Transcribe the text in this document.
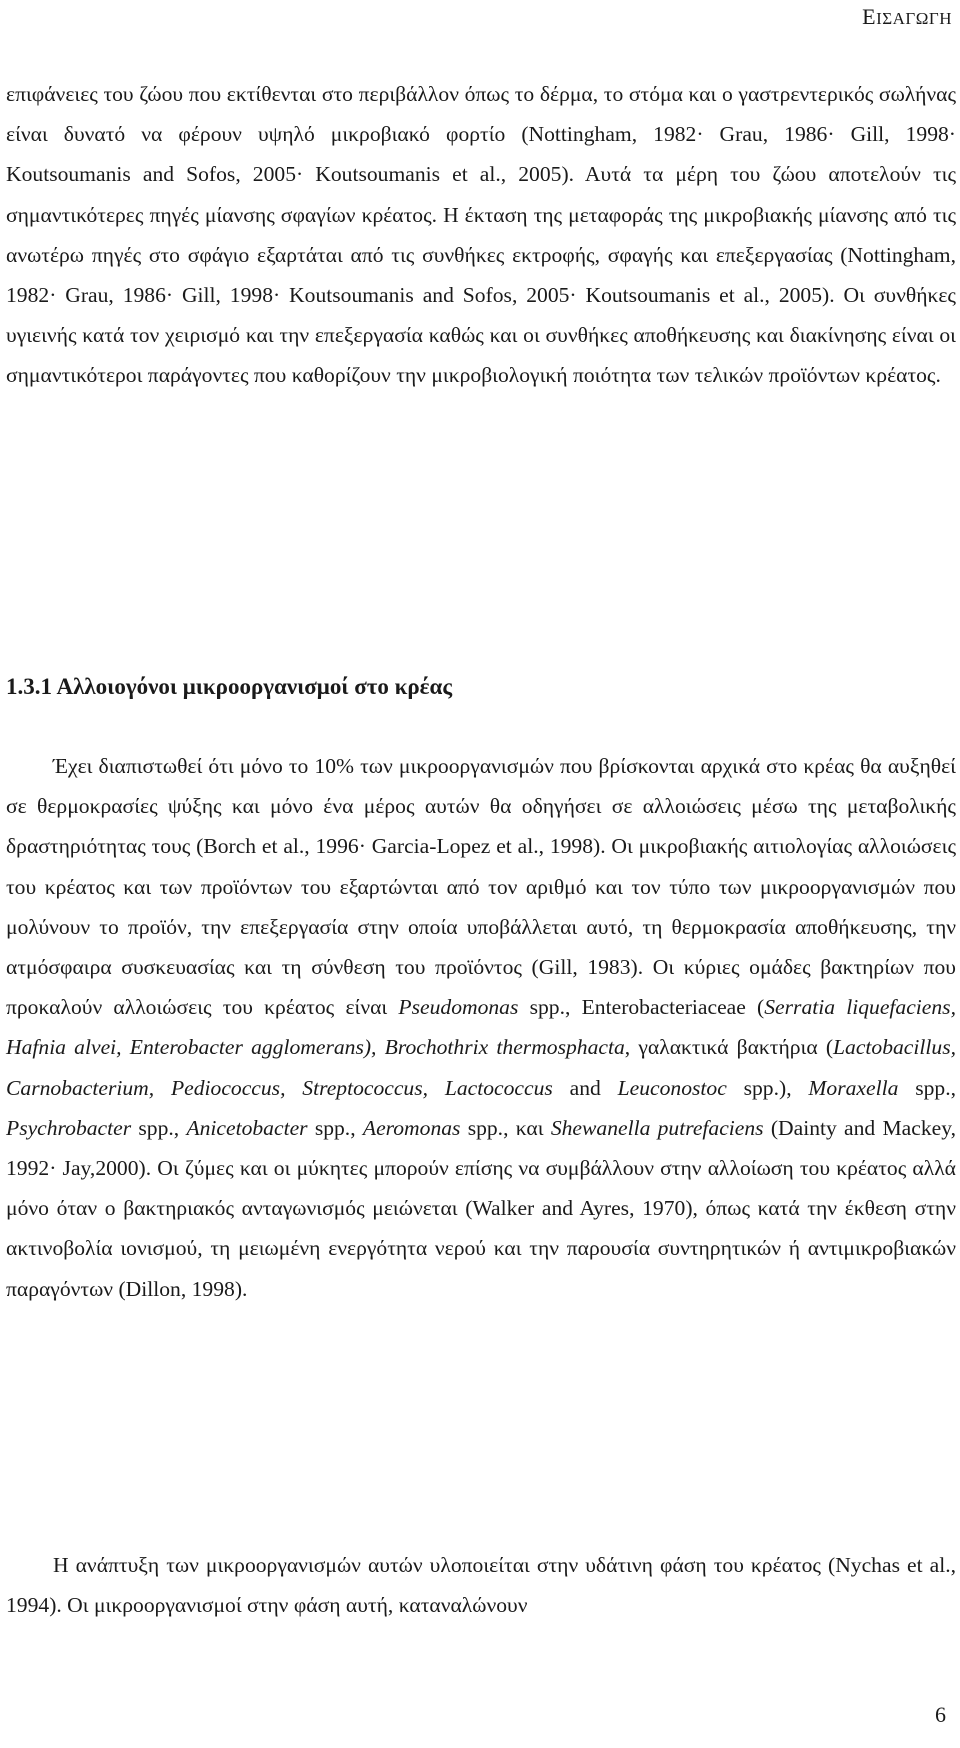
ΕΙΣΑΓΩΓΗ

επιφάνειες του ζώου που εκτίθενται στο περιβάλλον όπως το δέρμα, το στόμα και ο γαστρεντερικός σωλήνας είναι δυνατό να φέρουν υψηλό μικροβιακό φορτίο (Nottingham, 1982· Grau, 1986· Gill, 1998· Koutsoumanis and Sofos, 2005· Koutsoumanis et al., 2005). Αυτά τα μέρη του ζώου αποτελούν τις σημαντικότερες πηγές μίανσης σφαγίων κρέατος. Η έκταση της μεταφοράς της μικροβιακής μίανσης από τις ανωτέρω πηγές στο σφάγιο εξαρτάται από τις συνθήκες εκτροφής, σφαγής και επεξεργασίας (Nottingham, 1982· Grau, 1986· Gill, 1998· Koutsoumanis and Sofos, 2005· Koutsoumanis et al., 2005). Οι συνθήκες υγιεινής κατά τον χειρισμό και την επεξεργασία καθώς και οι συνθήκες αποθήκευσης και διακίνησης είναι οι σημαντικότεροι παράγοντες που καθορίζουν την μικροβιολογική ποιότητα των τελικών προϊόντων κρέατος.

1.3.1 Αλλοιογόνοι μικροοργανισμοί στο κρέας

Έχει διαπιστωθεί ότι μόνο το 10% των μικροοργανισμών που βρίσκονται αρχικά στο κρέας θα αυξηθεί σε θερμοκρασίες ψύξης και μόνο ένα μέρος αυτών θα οδηγήσει σε αλλοιώσεις μέσω της μεταβολικής δραστηριότητας τους (Borch et al., 1996· Garcia-Lopez et al., 1998). Οι μικροβιακής αιτιολογίας αλλοιώσεις του κρέατος και των προϊόντων του εξαρτώνται από τον αριθμό και τον τύπο των μικροοργανισμών που μολύνουν το προϊόν, την επεξεργασία στην οποία υποβάλλεται αυτό, τη θερμοκρασία αποθήκευσης, την ατμόσφαιρα συσκευασίας και τη σύνθεση του προϊόντος (Gill, 1983). Οι κύριες ομάδες βακτηρίων που προκαλούν αλλοιώσεις του κρέατος είναι Pseudomonas spp., Enterobacteriaceae (Serratia liquefaciens, Hafnia alvei, Enterobacter agglomerans), Brochothrix thermosphacta, γαλακτικά βακτήρια (Lactobacillus, Carnobacterium, Pediococcus, Streptococcus, Lactococcus and Leuconostoc spp.), Moraxella spp., Psychrobacter spp., Anicetobacter spp., Aeromonas spp., και Shewanella putrefaciens (Dainty and Mackey, 1992· Jay,2000). Οι ζύμες και οι μύκητες μπορούν επίσης να συμβάλλουν στην αλλοίωση του κρέατος αλλά μόνο όταν ο βακτηριακός ανταγωνισμός μειώνεται (Walker and Ayres, 1970), όπως κατά την έκθεση στην ακτινοβολία ιονισμού, τη μειωμένη ενεργότητα νερού και την παρουσία συντηρητικών ή αντιμικροβιακών παραγόντων (Dillon, 1998).

Η ανάπτυξη των μικροοργανισμών αυτών υλοποιείται στην υδάτινη φάση του κρέατος (Nychas et al., 1994). Οι μικροοργανισμοί στην φάση αυτή, καταναλώνουν

6
